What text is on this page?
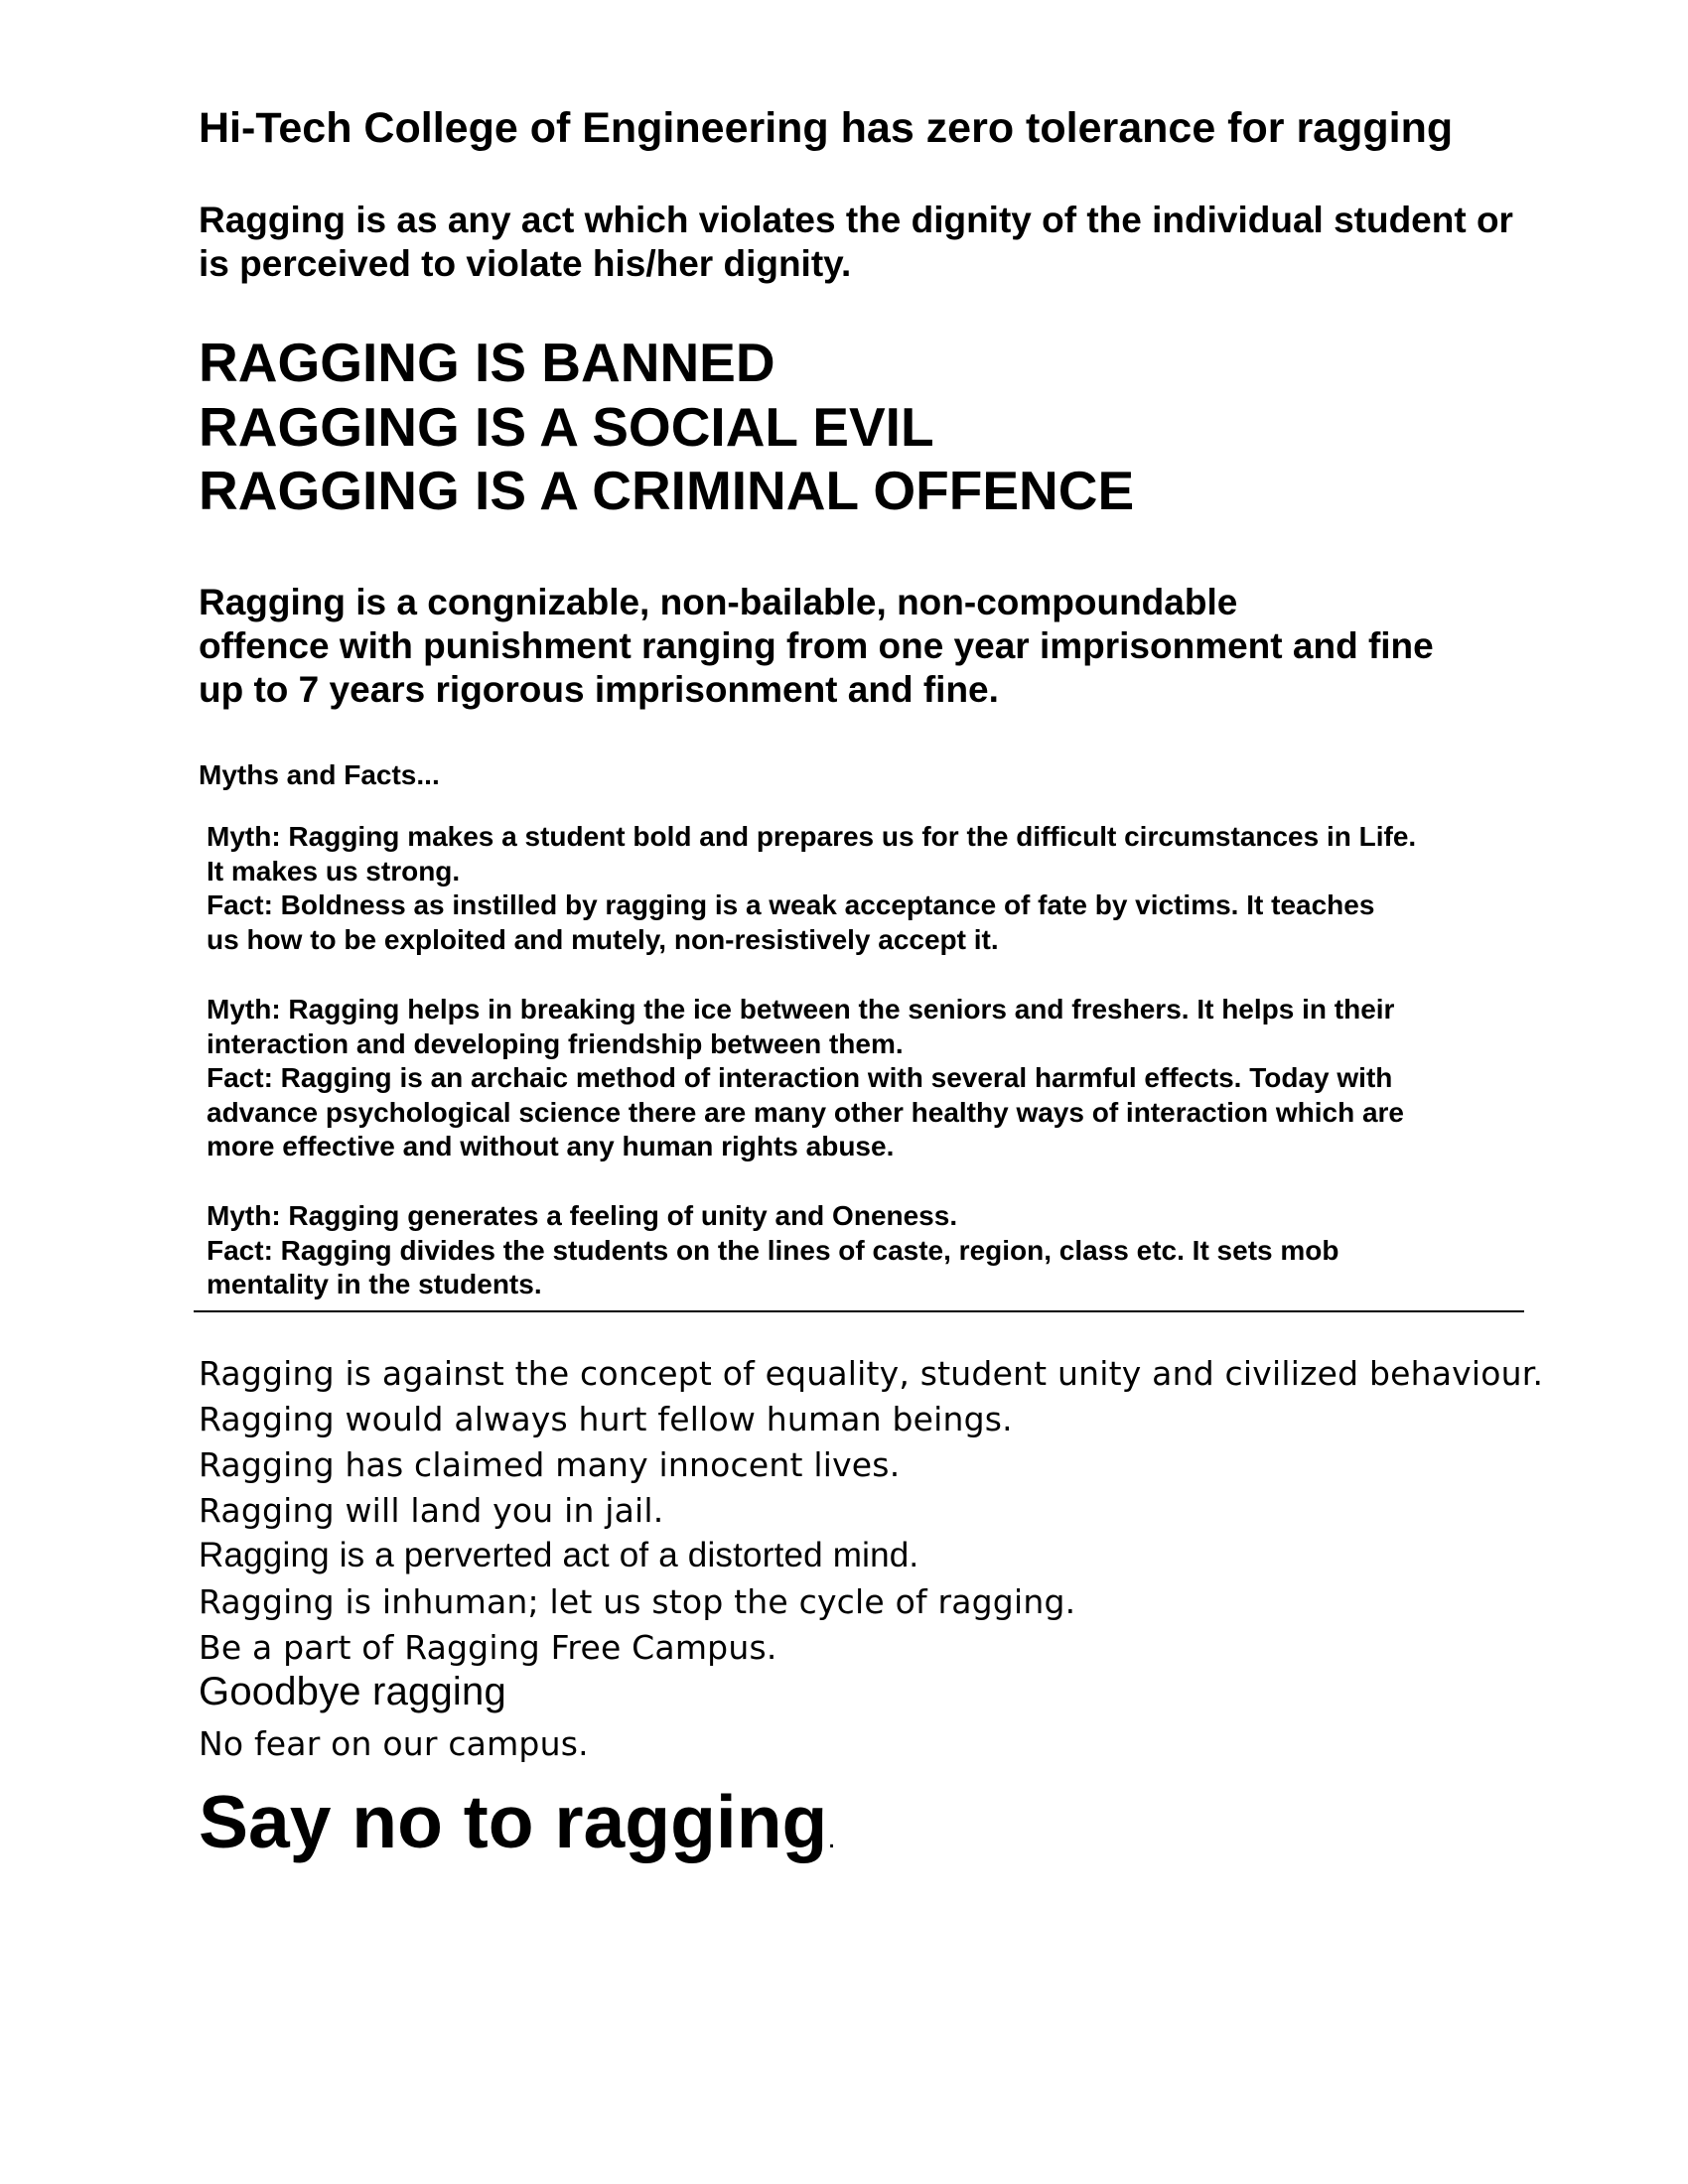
Hi-Tech College of Engineering has zero tolerance for ragging

Ragging is as any act which violates the dignity of the individual student or
is perceived to violate his/her dignity.
RAGGING IS BANNED
RAGGING IS A SOCIAL EVIL
RAGGING IS A CRIMINAL OFFENCE
Ragging is a congnizable, non-bailable, non-compoundable
offence with punishment ranging from one year imprisonment and fine
up to 7 years rigorous imprisonment and fine.
Myths and Facts...
Myth: Ragging makes a student bold and prepares us for the difficult circumstances in Life.
It makes us strong.
Fact: Boldness as instilled by ragging is a weak acceptance of fate by victims. It teaches
us how to be exploited and mutely, non-resistively accept it.
Myth: Ragging helps in breaking the ice between the seniors and freshers. It helps in their
interaction and developing friendship between them.
Fact: Ragging is an archaic method of interaction with several harmful effects. Today with
advance psychological science there are many other healthy ways of interaction which are
more effective and without any human rights abuse.
Myth: Ragging generates a feeling of unity and Oneness.
Fact: Ragging divides the students on the lines of caste, region, class etc. It sets mob
mentality in the students.
Ragging is against the concept of equality, student unity and civilized behaviour.
Ragging would always hurt fellow human beings.
Ragging has claimed many innocent lives.
Ragging will land you in jail.
Ragging is a perverted act of a distorted mind.
Ragging is inhuman; let us stop the cycle of ragging.
Be a part of Ragging Free Campus.
Goodbye ragging
No fear on our campus.
Say no to ragging.
